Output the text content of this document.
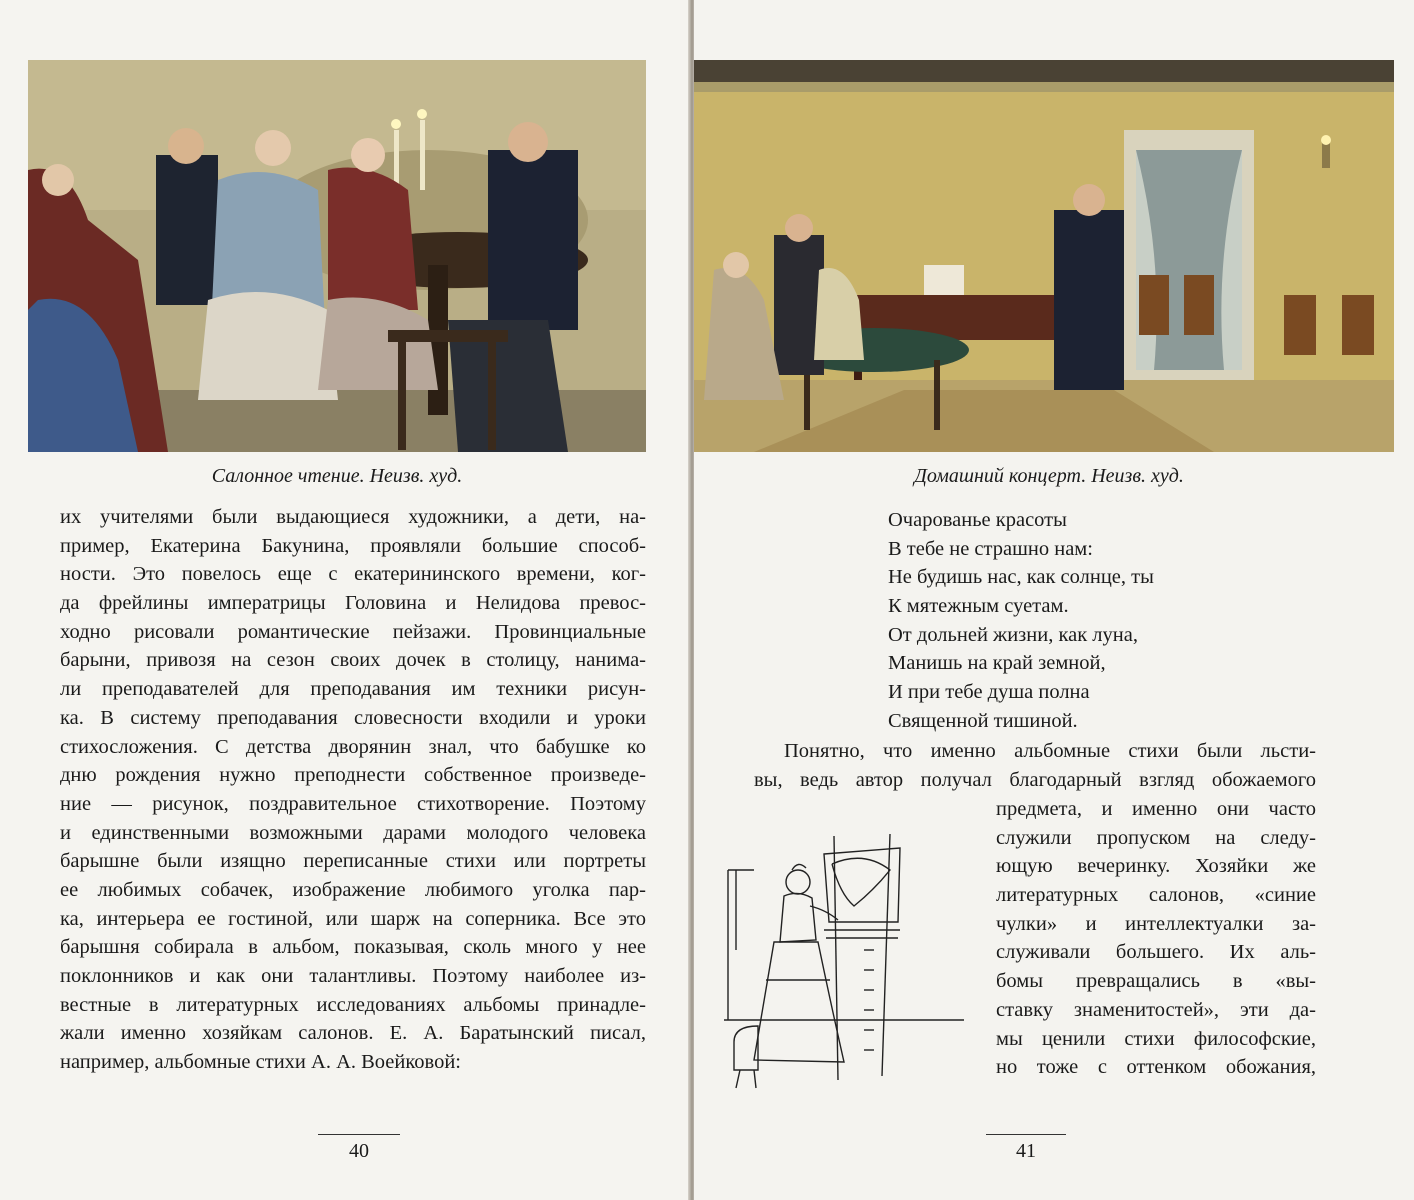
Салонное чтение. Неизв. худ.
их учителями были выдающиеся художники, а дети, на-
пример, Екатерина Бакунина, проявляли большие способ-
ности. Это повелось еще с екатерининского времени, ког-
да фрейлины императрицы Головина и Нелидова превос-
ходно рисовали романтические пейзажи. Провинциальные
барыни, привозя на сезон своих дочек в столицу, нанима-
ли преподавателей для преподавания им техники рисун-
ка. В систему преподавания словесности входили и уроки
стихосложения. С детства дворянин знал, что бабушке ко
дню рождения нужно преподнести собственное произведе-
ние — рисунок, поздравительное стихотворение. Поэтому
и единственными возможными дарами молодого человека
барышне были изящно переписанные стихи или портреты
ее любимых собачек, изображение любимого уголка пар-
ка, интерьера ее гостиной, или шарж на соперника. Все это
барышня собирала в альбом, показывая, сколь много у нее
поклонников и как они талантливы. Поэтому наиболее из-
вестные в литературных исследованиях альбомы принадле-
жали именно хозяйкам салонов. Е. А. Баратынский писал,
например, альбомные стихи А. А. Воейковой:
40
Домашний концерт. Неизв. худ.
Очарованье красоты
В тебе не страшно нам:
Не будишь нас, как солнце, ты
К мятежным суетам.
От дольней жизни, как луна,
Манишь на край земной,
И при тебе душа полна
Священной тишиной.
Понятно, что именно альбомные стихи были льсти-
вы, ведь автор получал благодарный взгляд обожаемого
предмета, и именно они часто
служили пропуском на следу-
ющую вечеринку. Хозяйки же
литературных салонов, «синие
чулки» и интеллектуалки за-
служивали большего. Их аль-
бомы превращались в «вы-
ставку знаменитостей», эти да-
мы ценили стихи философские,
но тоже с оттенком обожания,
41
